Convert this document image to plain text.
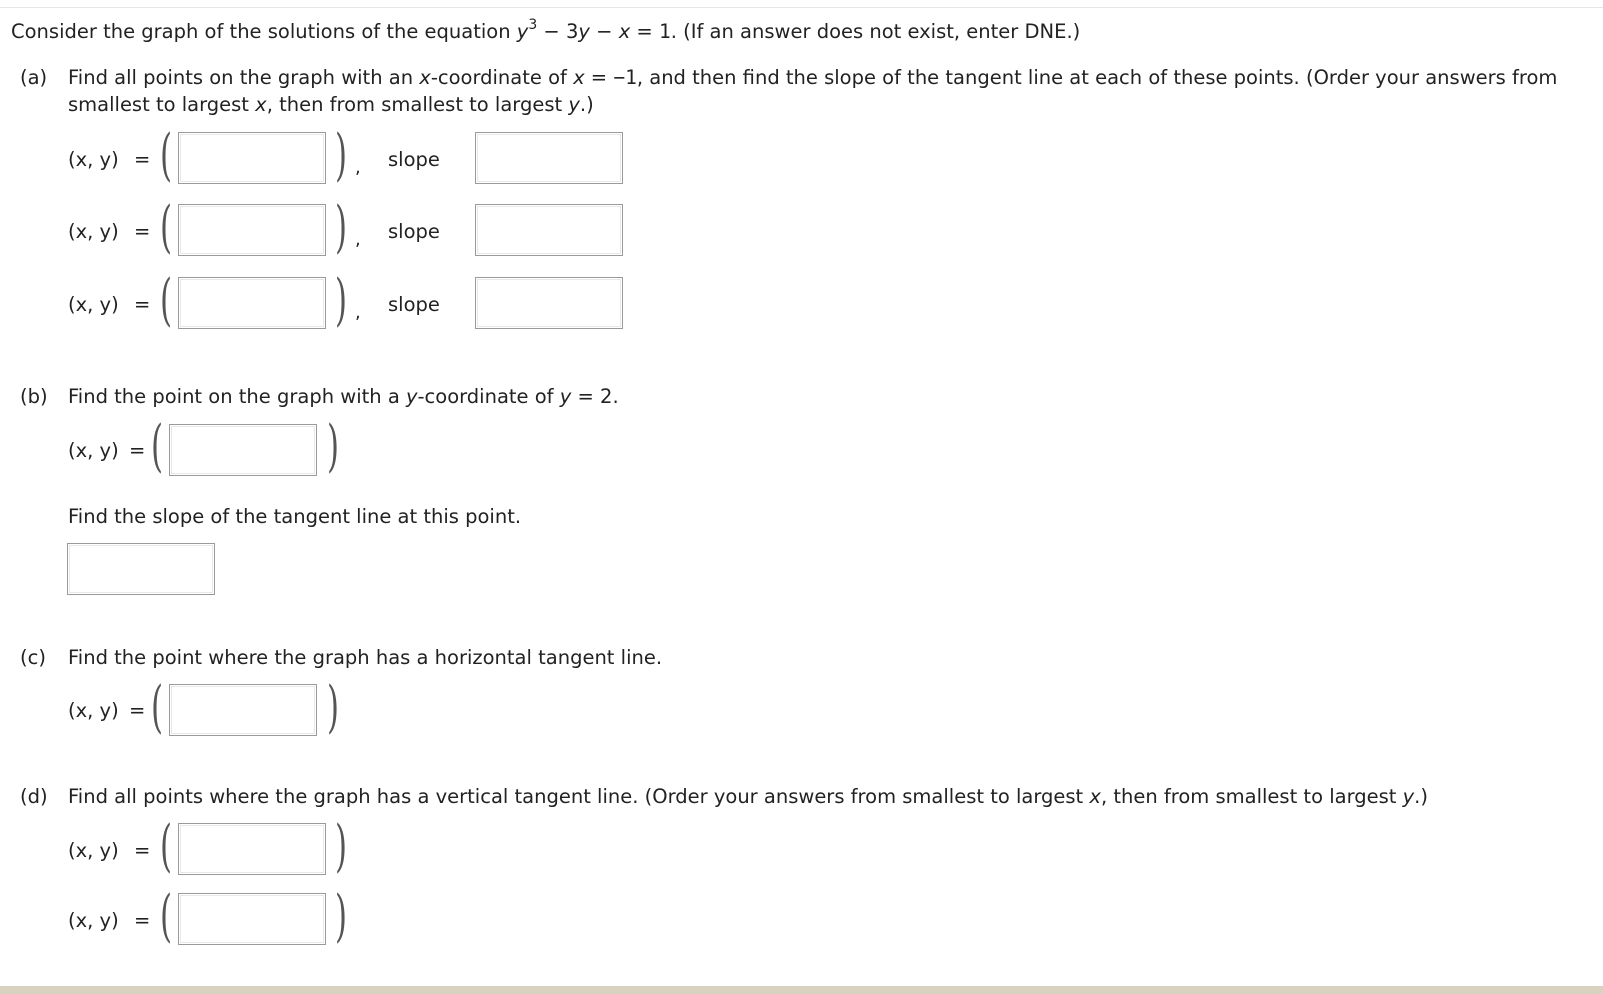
Consider the graph of the solutions of the equation $y^3 - 3y - x = 1$. (If an answer does not exist, enter DNE.)
(a) Find all points on the graph with an x-coordinate of x = −1, and then find the slope of the tangent line at each of these points. (Order your answers from
smallest to largest x, then from smallest to largest y.)
(x, y) = (	) , slope
(x, y) = (	) , slope
(x, y) = (	) , slope
(b) Find the point on the graph with a y-coordinate of y = 2.
(x, y) = (	)
Find the slope of the tangent line at this point.
(c) Find the point where the graph has a horizontal tangent line.
(x, y) = (	)
(d) Find all points where the graph has a vertical tangent line. (Order your answers from smallest to largest x, then from smallest to largest y.)
(x, y) = (	)
(x, y) = (	)
